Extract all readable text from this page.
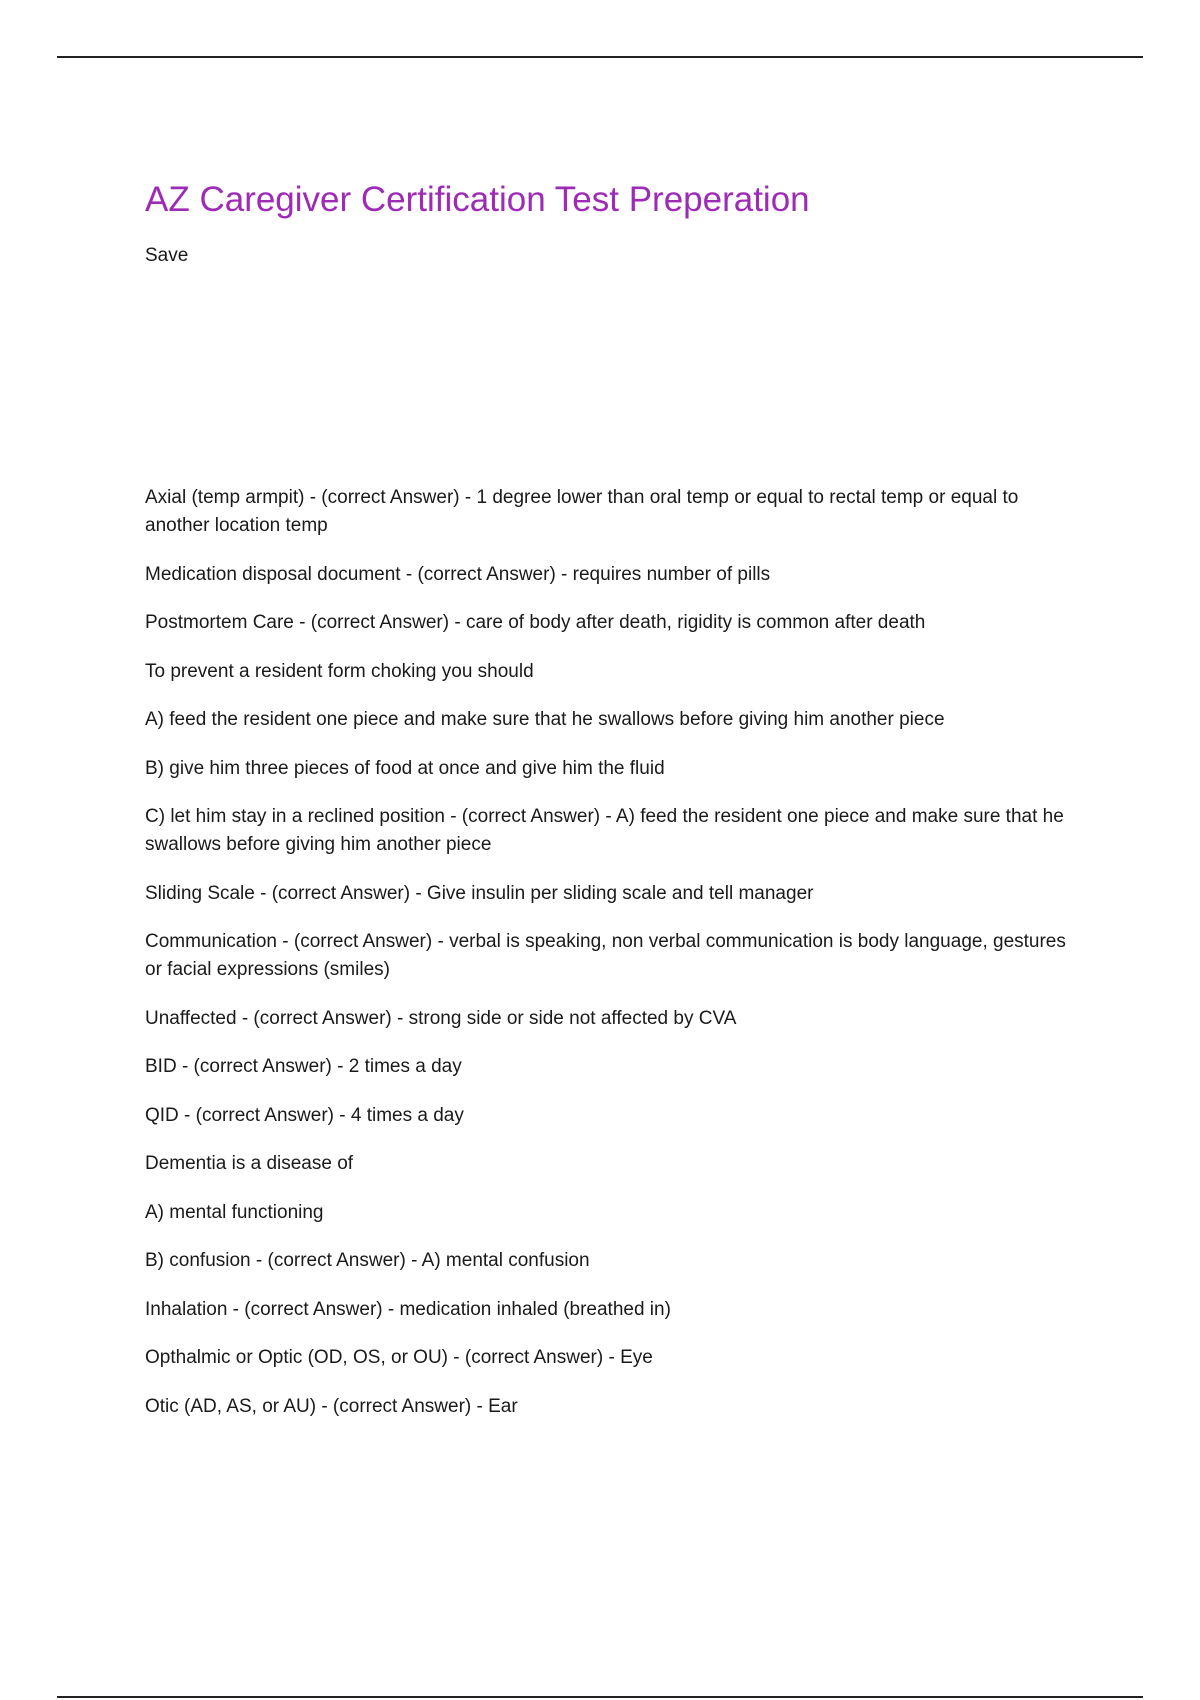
AZ Caregiver Certification Test Preperation
Save
Axial (temp armpit) - (correct Answer) - 1 degree lower than oral temp or equal to rectal temp or equal to another location temp
Medication disposal document - (correct Answer) - requires number of pills
Postmortem Care - (correct Answer) - care of body after death, rigidity is common after death
To prevent a resident form choking you should
A) feed the resident one piece and make sure that he swallows before giving him another piece
B) give him three pieces of food at once and give him the fluid
C) let him stay in a reclined position - (correct Answer) - A) feed the resident one piece and make sure that he swallows before giving him another piece
Sliding Scale - (correct Answer) - Give insulin per sliding scale and tell manager
Communication - (correct Answer) - verbal is speaking, non verbal communication is body language, gestures or facial expressions (smiles)
Unaffected - (correct Answer) - strong side or side not affected by CVA
BID - (correct Answer) - 2 times a day
QID - (correct Answer) - 4 times a day
Dementia is a disease of
A) mental functioning
B) confusion - (correct Answer) - A) mental confusion
Inhalation - (correct Answer) - medication inhaled (breathed in)
Opthalmic or Optic (OD, OS, or OU) - (correct Answer) - Eye
Otic (AD, AS, or AU) - (correct Answer) - Ear
